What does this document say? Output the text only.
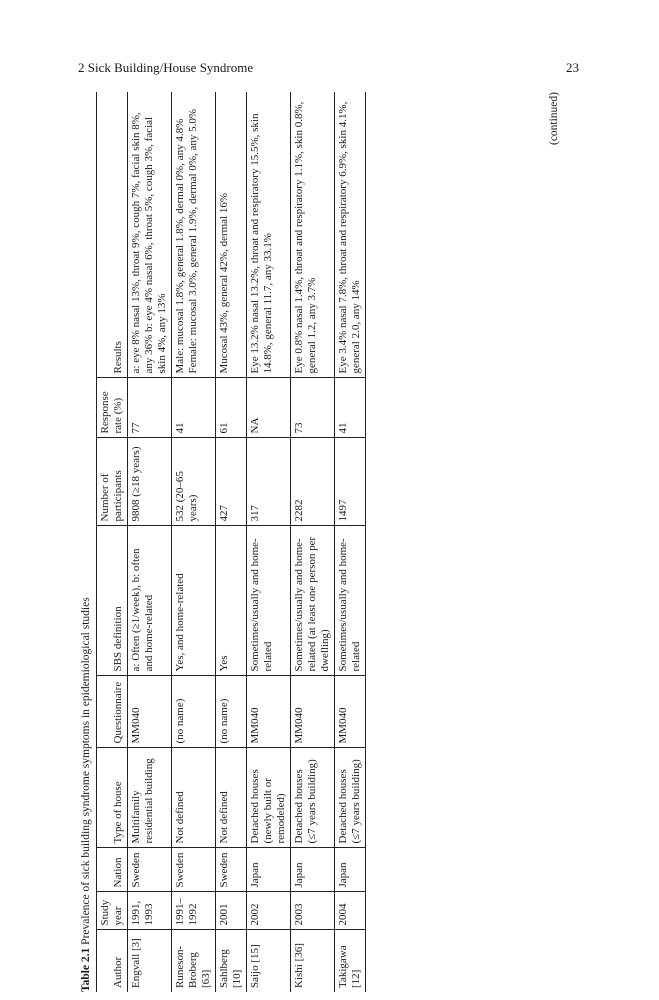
2 Sick Building/House Syndrome	23
Table 2.1 Prevalence of sick building syndrome symptoms in epidemiological studies
Author	Study year	Nation	Type of house	Questionnaire	SBS definition	Number of participants	Response rate (%)	Results
Engvall [3]	1991, 1993	Sweden	Multifamily residential building	MM040	a: Often (≥1/week), b: often and home-related	9808 (≥18 years)	77	a: eye 8% nasal 13%, throat 9%, cough 7%, facial skin 8%, any 36% b: eye 4% nasal 6%, throat 5%, cough 3%, facial skin 4%, any 13%
Runeson-Broberg [63]	1991–1992	Sweden	Not defined	(no name)	Yes, and home-related	532 (20–65 years)	41	Male: mucosal 1.8%, general 1.8%, dermal 0%, any 4.8% Female: mucosal 3.0%, general 1.9%, dermal 0%, any 5.0%
Sahlberg [10]	2001	Sweden	Not defined	(no name)	Yes	427	61	Mucosal 43%, general 42%, dermal 16%
Saijo [15]	2002	Japan	Detached houses (newly built or remodeled)	MM040	Sometimes/usually and home-related	317	NA	Eye 13.2% nasal 13.2%, throat and respiratory 15.5%, skin 14.8%, general 11.7, any 33.1%
Kishi [36]	2003	Japan	Detached houses (≤7 years building)	MM040	Sometimes/usually and home-related (at least one person per dwelling)	2282	73	Eye 0.8% nasal 1.4%, throat and respiratory 1.1%, skin 0.8%, general 1.2, any 3.7%
Takigawa [12]	2004	Japan	Detached houses (≤7 years building)	MM040	Sometimes/usually and home-related	1497	41	Eye 3.4% nasal 7.8%, throat and respiratory 6.9%, skin 4.1%, general 2.0, any 14%
(continued)
